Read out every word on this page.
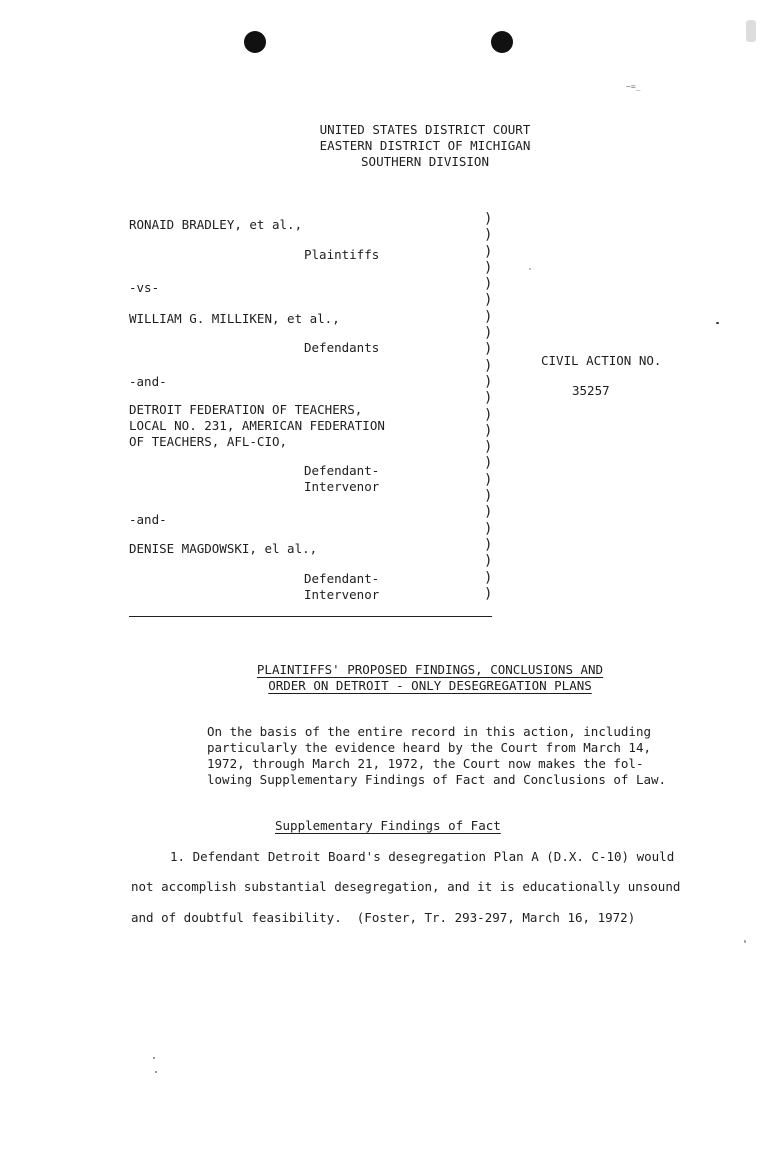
~=_
UNITED STATES DISTRICT COURT
EASTERN DISTRICT OF MICHIGAN
SOUTHERN DIVISION
RONAID BRADLEY, et al.,
Plaintiffs
-vs-
WILLIAM G. MILLIKEN, et al.,
Defendants
-and-
DETROIT FEDERATION OF TEACHERS,
LOCAL NO. 231, AMERICAN FEDERATION
OF TEACHERS, AFL-CIO,
Defendant-
Intervenor
-and-
DENISE MAGDOWSKI, el al.,
Defendant-
Intervenor
)
)
)
)
)
)
)
)
)
)
)
)
)
)
)
)
)
)
)
)
)
)
)
)
CIVIL ACTION NO.
35257
PLAINTIFFS' PROPOSED FINDINGS, CONCLUSIONS AND
ORDER ON DETROIT - ONLY DESEGREGATION PLANS
On the basis of the entire record in this action, including
particularly the evidence heard by the Court from March 14,
1972, through March 21, 1972, the Court now makes the fol-
lowing Supplementary Findings of Fact and Conclusions of Law.
Supplementary Findings of Fact
1. Defendant Detroit Board's desegregation Plan A (D.X. C-10) would
not accomplish substantial desegregation, and it is educationally unsound
and of doubtful feasibility.  (Foster, Tr. 293-297, March 16, 1972)
